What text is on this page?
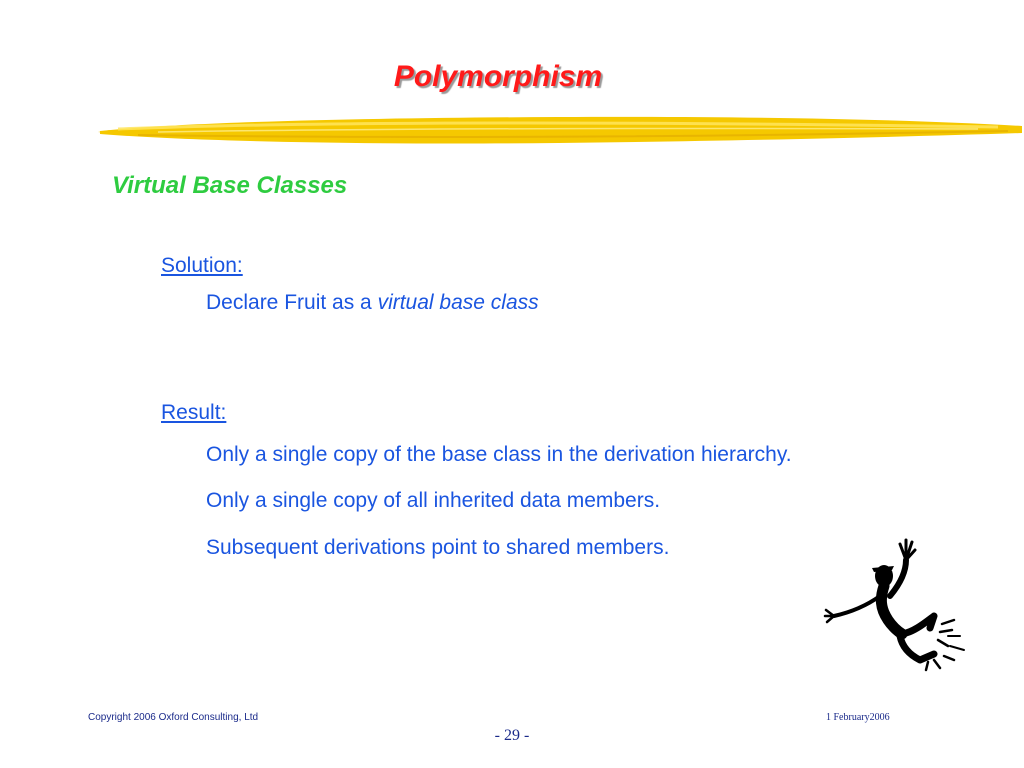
Polymorphism
Virtual Base Classes
Solution:
Declare Fruit as a virtual base class
Result:
Only a single copy of the base class in the derivation hierarchy.
Only a single copy of all inherited data members.
Subsequent derivations point to shared members.
Copyright 2006 Oxford Consulting, Ltd	1 February2006
- 29 -
